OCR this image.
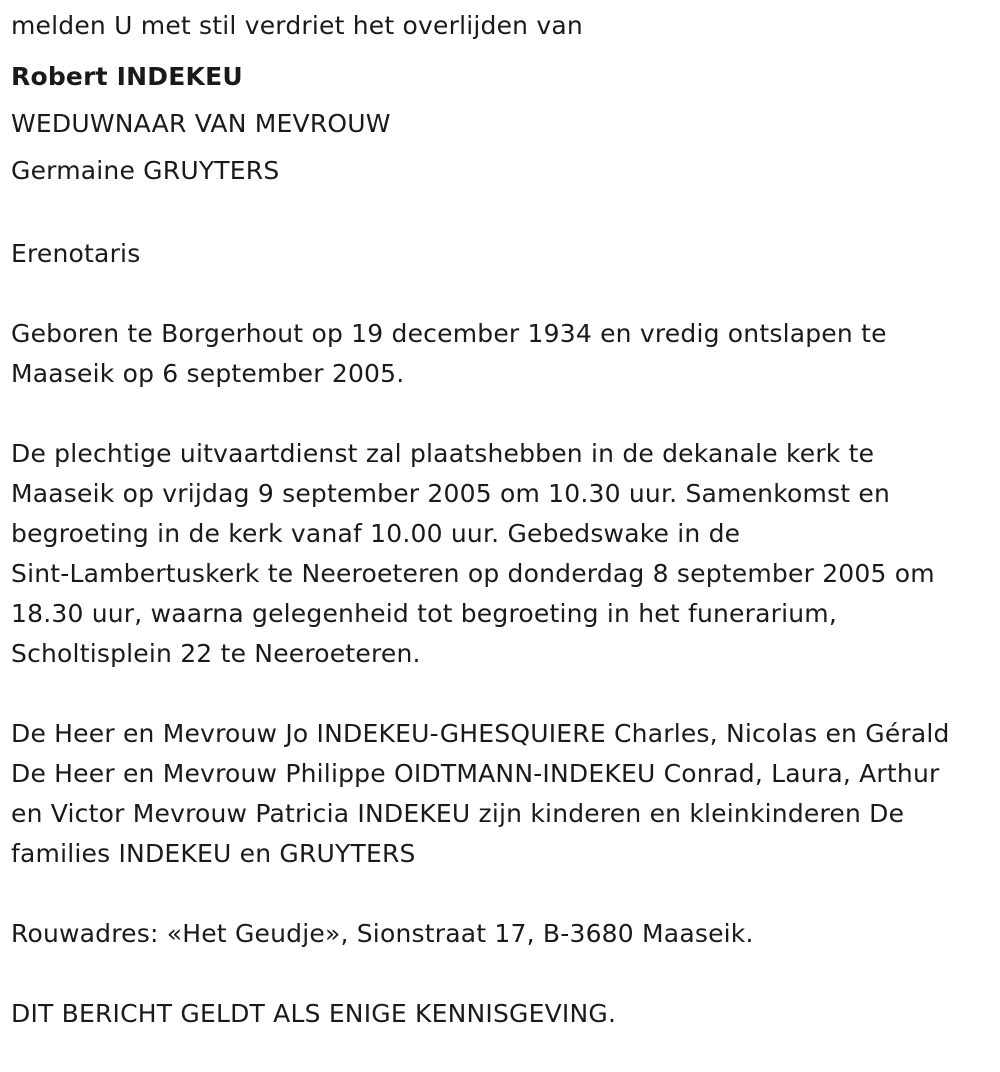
melden U met stil verdriet het overlijden van

Robert INDEKEU

WEDUWNAAR VAN MEVROUW

Germaine GRUYTERS

Erenotaris

Geboren te Borgerhout op 19 december 1934 en vredig ontslapen te

Maaseik op 6 september 2005.

De plechtige uitvaartdienst zal plaatshebben in de dekanale kerk te

Maaseik op vrijdag 9 september 2005 om 10.30 uur. Samenkomst en

begroeting in de kerk vanaf 10.00 uur. Gebedswake in de

Sint-Lambertuskerk te Neeroeteren op donderdag 8 september 2005 om

18.30 uur, waarna gelegenheid tot begroeting in het funerarium,

Scholtisplein 22 te Neeroeteren.

De Heer en Mevrouw Jo INDEKEU-GHESQUIERE Charles, Nicolas en Gérald

De Heer en Mevrouw Philippe OIDTMANN-INDEKEU Conrad, Laura, Arthur

en Victor Mevrouw Patricia INDEKEU zijn kinderen en kleinkinderen De

families INDEKEU en GRUYTERS

Rouwadres: «Het Geudje», Sionstraat 17, B-3680 Maaseik.

DIT BERICHT GELDT ALS ENIGE KENNISGEVING.
